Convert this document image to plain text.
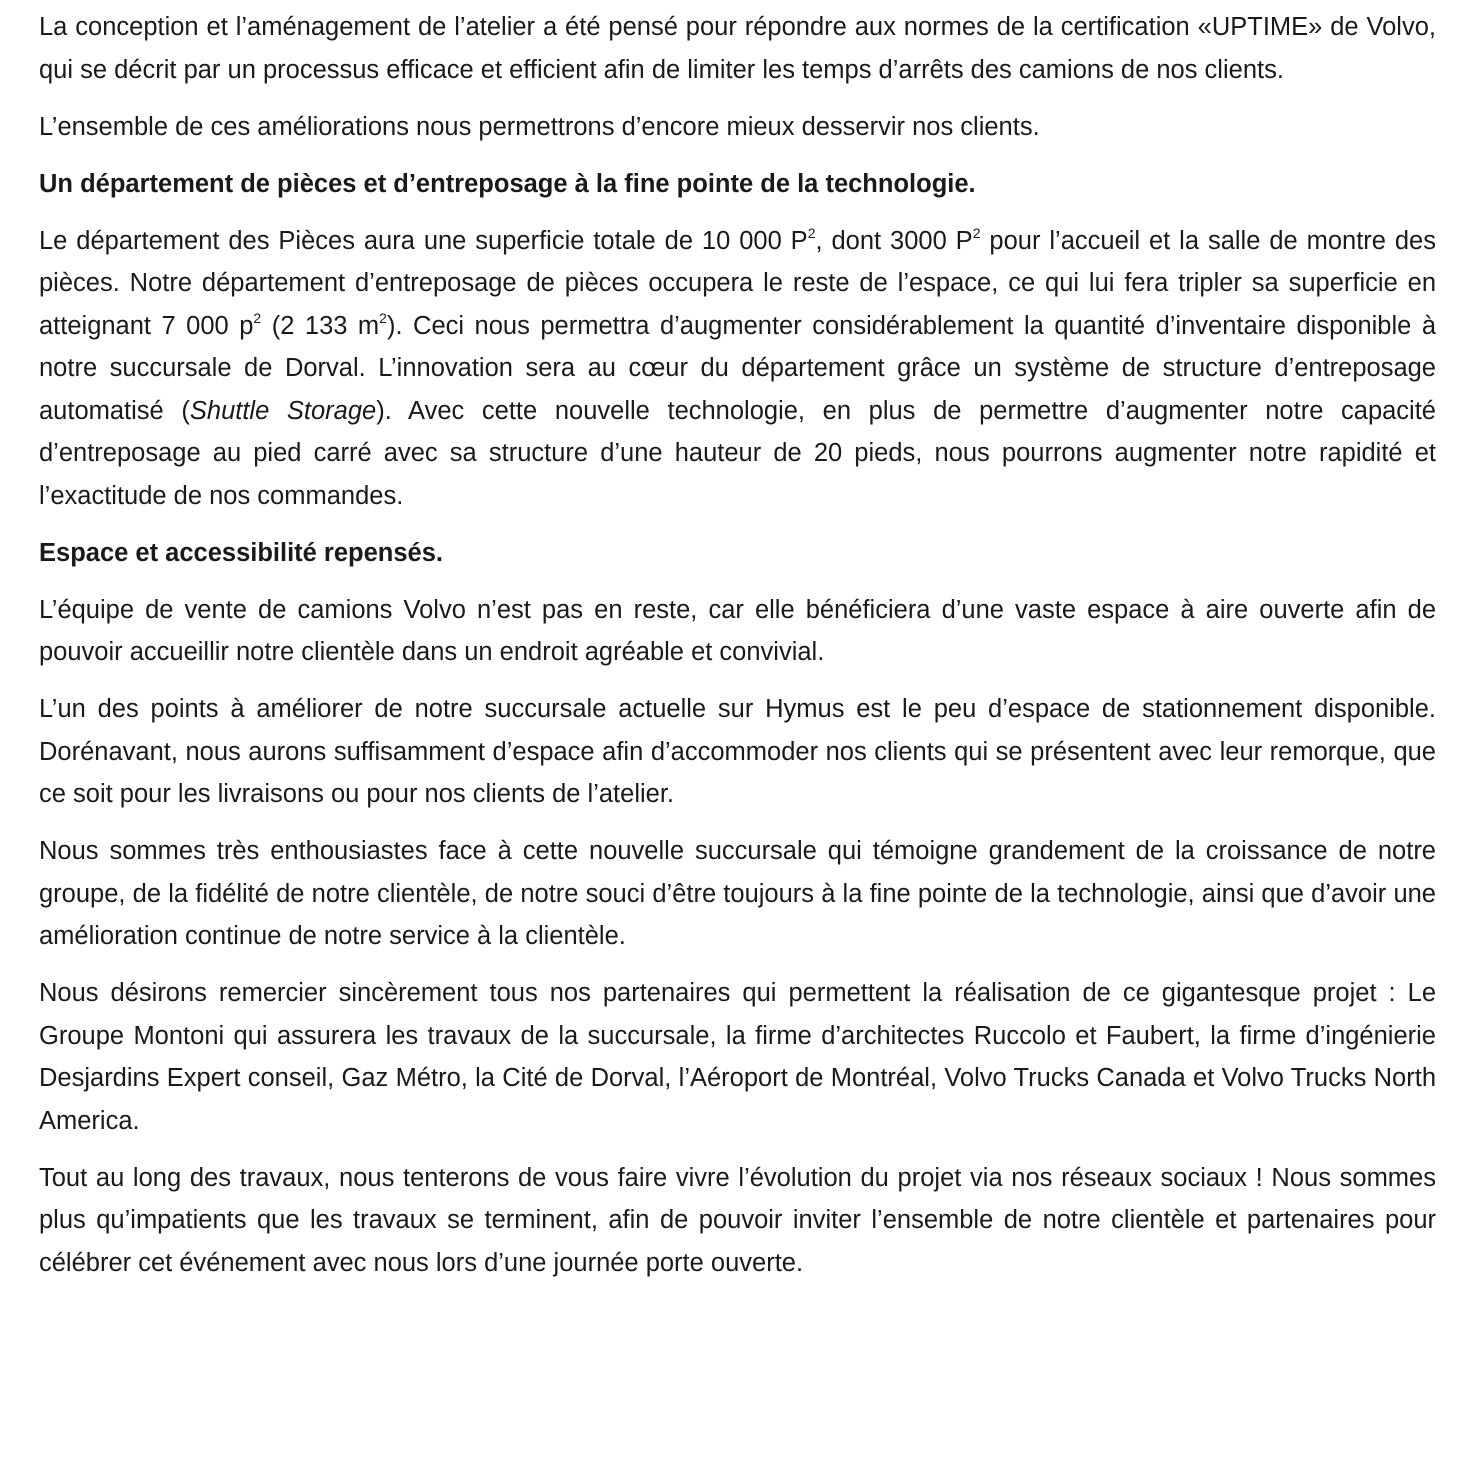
La conception et l’aménagement de l’atelier a été pensé pour répondre aux normes de la certification «UPTIME» de Volvo, qui se décrit par un processus efficace et efficient afin de limiter les temps d’arrêts des camions de nos clients.

L’ensemble de ces améliorations nous permettrons d’encore mieux desservir nos clients.

Un département de pièces et d’entreposage à la fine pointe de la technologie.

Le département des Pièces aura une superficie totale de 10 000 $P^2$, dont 3000 $P^2$ pour l’accueil et la salle de montre des pièces. Notre département d’entreposage de pièces occupera le reste de l’espace, ce qui lui fera tripler sa superficie en atteignant 7 000 $p^2$ (2 133 $m^2$). Ceci nous permettra d’augmenter considérablement la quantité d’inventaire disponible à notre succursale de Dorval. L’innovation sera au cœur du département grâce un système de structure d’entreposage automatisé (Shuttle Storage). Avec cette nouvelle technologie, en plus de permettre d’augmenter notre capacité d’entreposage au pied carré avec sa structure d’une hauteur de 20 pieds, nous pourrons augmenter notre rapidité et l’exactitude de nos commandes.

Espace et accessibilité repensés.

L’équipe de vente de camions Volvo n’est pas en reste, car elle bénéficiera d’une vaste espace à aire ouverte afin de pouvoir accueillir notre clientèle dans un endroit agréable et convivial.

L’un des points à améliorer de notre succursale actuelle sur Hymus est le peu d’espace de stationnement disponible. Dorénavant, nous aurons suffisamment d’espace afin d’accommoder nos clients qui se présentent avec leur remorque, que ce soit pour les livraisons ou pour nos clients de l’atelier.

Nous sommes très enthousiastes face à cette nouvelle succursale qui témoigne grandement de la croissance de notre groupe, de la fidélité de notre clientèle, de notre souci d’être toujours à la fine pointe de la technologie, ainsi que d’avoir une amélioration continue de notre service à la clientèle.

Nous désirons remercier sincèrement tous nos partenaires qui permettent la réalisation de ce gigantesque projet : Le Groupe Montoni qui assurera les travaux de la succursale, la firme d’architectes Ruccolo et Faubert, la firme d’ingénierie Desjardins Expert conseil, Gaz Métro, la Cité de Dorval, l’Aéroport de Montréal, Volvo Trucks Canada et Volvo Trucks North America.

Tout au long des travaux, nous tenterons de vous faire vivre l’évolution du projet via nos réseaux sociaux ! Nous sommes plus qu’impatients que les travaux se terminent, afin de pouvoir inviter l’ensemble de notre clientèle et partenaires pour célébrer cet événement avec nous lors d’une journée porte ouverte.
